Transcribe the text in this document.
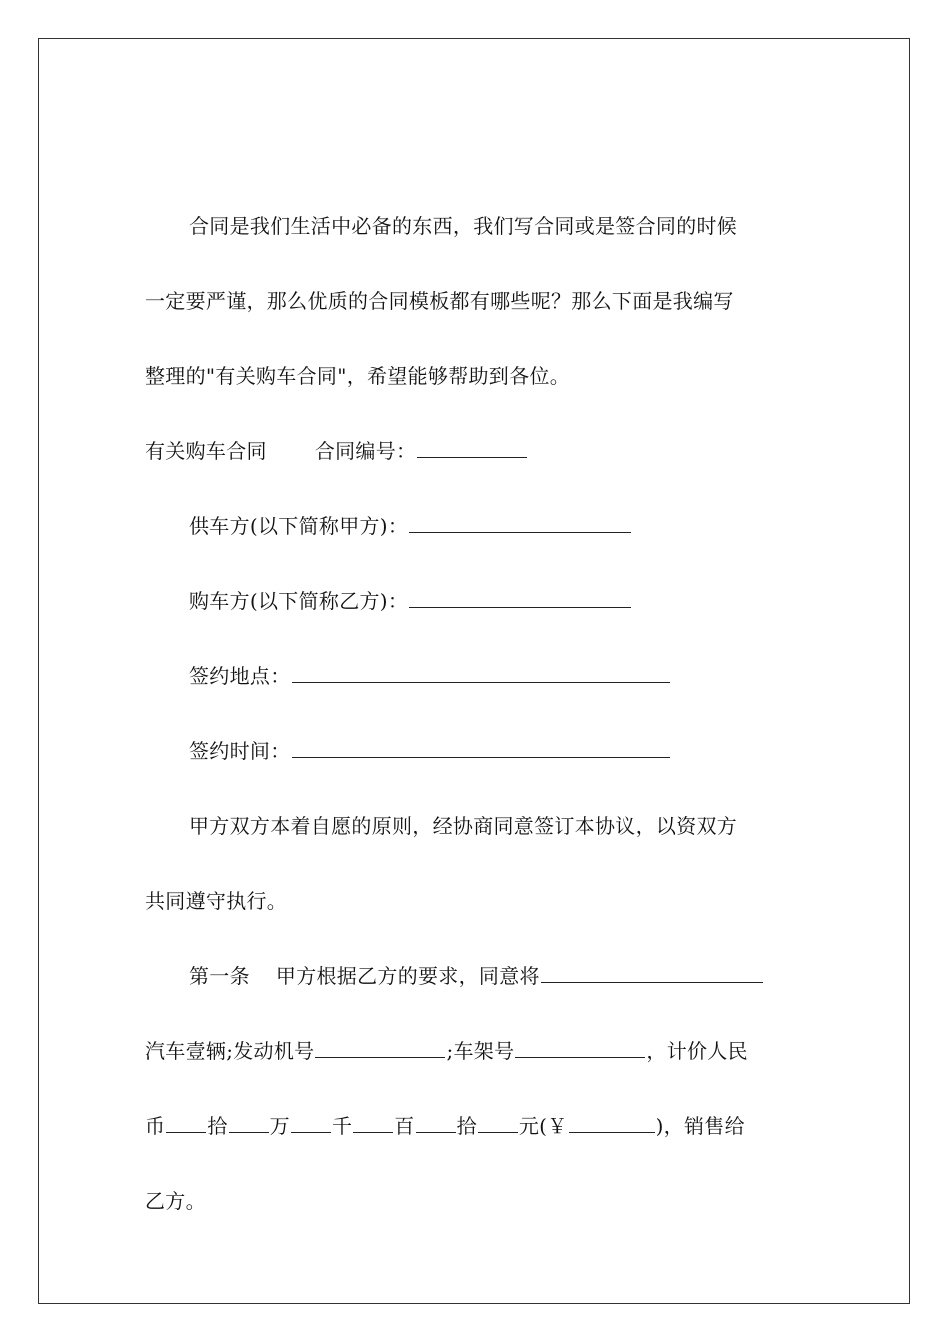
合同是我们生活中必备的东西，我们写合同或是签合同的时候
一定要严谨，那么优质的合同模板都有哪些呢？那么下面是我编写
整理的"有关购车合同"，希望能够帮助到各位。
有关购车合同 合同编号：
供车方(以下简称甲方)：
购车方(以下简称乙方)：
签约地点：
签约时间：
甲方双方本着自愿的原则，经协商同意签订本协议，以资双方
共同遵守执行。
第一条 甲方根据乙方的要求，同意将
汽车壹辆;发动机号	;车架号	，计价人民
币 拾 万 千 百 拾 元(￥	)，销售给
乙方。
